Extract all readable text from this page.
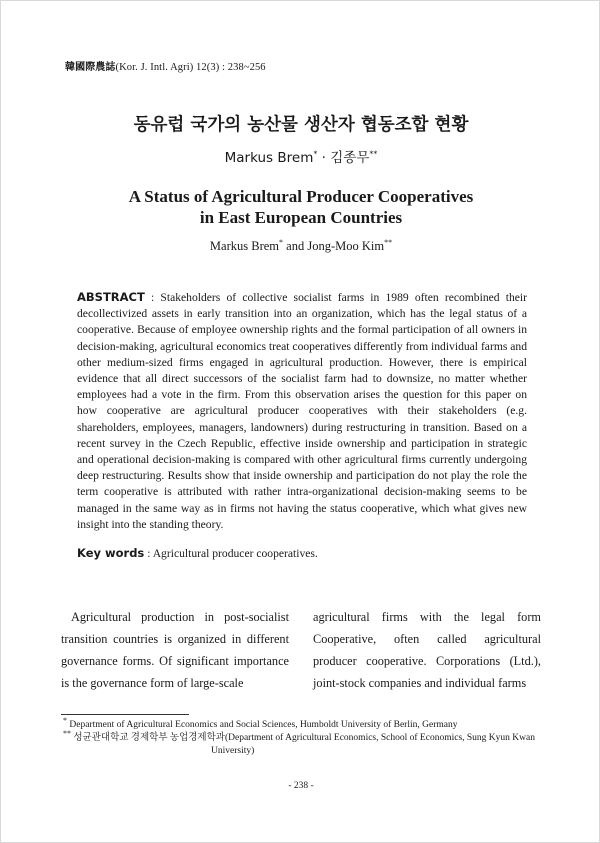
韓國際農誌(Kor. J. Intl. Agri) 12(3) : 238~256
동유럽 국가의 농산물 생산자 협동조합 현황
Markus Brem* · 김종무**
A Status of Agricultural Producer Cooperatives
in East European Countries
Markus Brem* and Jong-Moo Kim**
ABSTRACT : Stakeholders of collective socialist farms in 1989 often recombined their decollectivized assets in early transition into an organization, which has the legal status of a cooperative. Because of employee ownership rights and the formal participation of all owners in decision-making, agricultural economics treat cooperatives differently from individual farms and other medium-sized firms engaged in agricultural production. However, there is empirical evidence that all direct successors of the socialist farm had to downsize, no matter whether employees had a vote in the firm. From this observation arises the question for this paper on how cooperative are agricultural producer cooperatives with their stakeholders (e.g. shareholders, employees, managers, landowners) during restructuring in transition. Based on a recent survey in the Czech Republic, effective inside ownership and participation in strategic and operational decision-making is compared with other agricultural firms currently undergoing deep restructuring. Results show that inside ownership and participation do not play the role the term cooperative is attributed with rather intra-organizational decision-making seems to be managed in the same way as in firms not having the status cooperative, which what gives new insight into the standing theory.
Key words : Agricultural producer cooperatives.
Agricultural production in post-socialist transition countries is organized in different governance forms. Of significant importance is the governance form of large-scale
agricultural firms with the legal form Cooperative, often called agricultural producer cooperative. Corporations (Ltd.), joint-stock companies and individual farms
* Department of Agricultural Economics and Social Sciences, Humboldt University of Berlin, Germany
** 성균관대학교 경제학부 농업경제학과(Department of Agricultural Economics, School of Economics, Sung Kyun Kwan
University)
- 238 -
